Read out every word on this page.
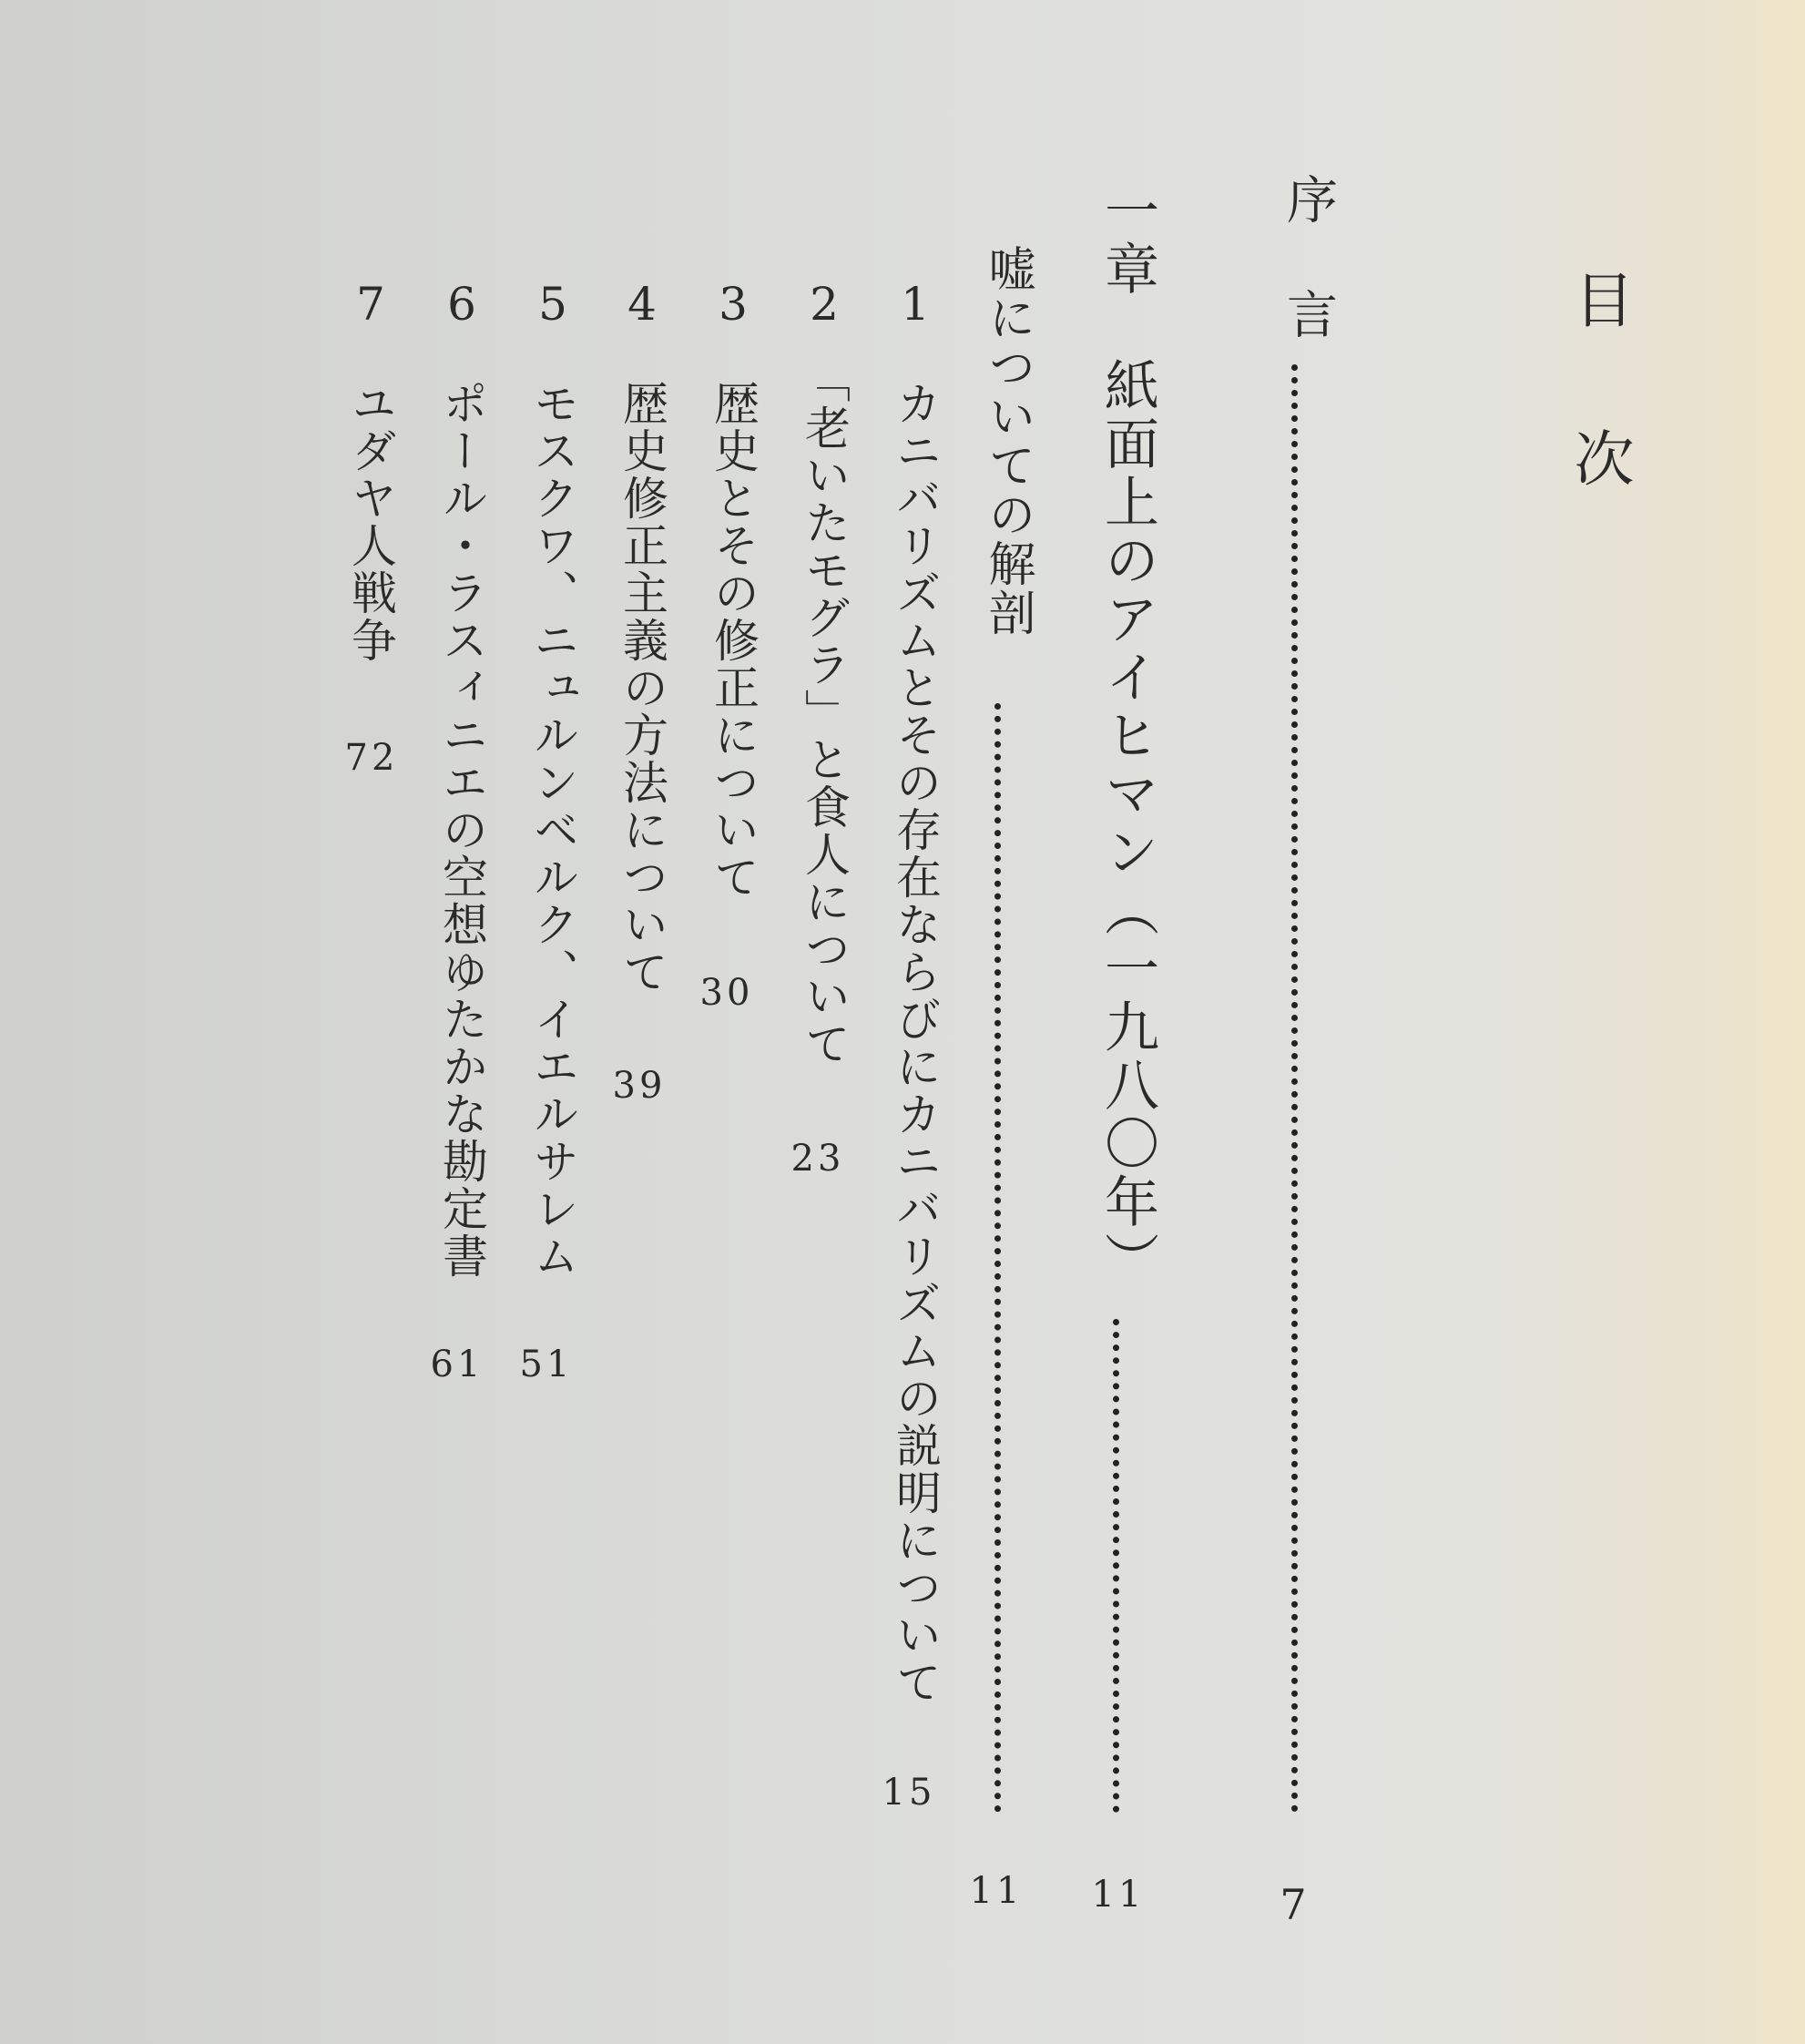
目次
序言
7
一章　紙面上のアイヒマン（一九八〇年）
11
嘘についての解剖
11
1　カニバリズムとその存在ならびにカニバリズムの説明について
15
2　「老いたモグラ」と食人について
23
3　歴史とその修正について
30
4　歴史修正主義の方法について
39
5　モスクワ、ニュルンベルク、イエルサレム
51
6　ポール・ラスィニエの空想ゆたかな勘定書
61
7　ユダヤ人戦争
72
